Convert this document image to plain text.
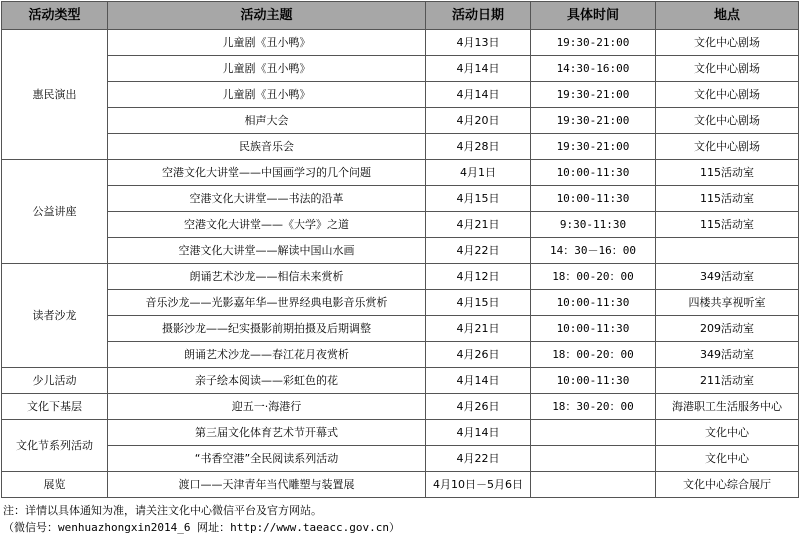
活动类型	活动主题	活动日期	具体时间	地点
惠民演出	儿童剧《丑小鸭》	4月13日	19:30-21:00	文化中心剧场
	儿童剧《丑小鸭》	4月14日	14:30-16:00	文化中心剧场
	儿童剧《丑小鸭》	4月14日	19:30-21:00	文化中心剧场
	相声大会	4月20日	19:30-21:00	文化中心剧场
	民族音乐会	4月28日	19:30-21:00	文化中心剧场
公益讲座	空港文化大讲堂——中国画学习的几个问题	4月1日	10:00-11:30	115活动室
	空港文化大讲堂——书法的沿革	4月15日	10:00-11:30	115活动室
	空港文化大讲堂——《大学》之道	4月21日	9:30-11:30	115活动室
	空港文化大讲堂——解读中国山水画	4月22日	14：30－16：00	
读者沙龙	朗诵艺术沙龙——相信未来赏析	4月12日	18：00-20：00	349活动室
	音乐沙龙——光影嘉年华—世界经典电影音乐赏析	4月15日	10:00-11:30	四楼共享视听室
	摄影沙龙——纪实摄影前期拍摄及后期调整	4月21日	10:00-11:30	209活动室
	朗诵艺术沙龙——春江花月夜赏析	4月26日	18：00-20：00	349活动室
少儿活动	亲子绘本阅读——彩虹色的花	4月14日	10:00-11:30	211活动室
文化下基层	迎五一·海港行	4月26日	18：30-20：00	海港职工生活服务中心
文化节系列活动	第三届文化体育艺术节开幕式	4月14日		文化中心
	“书香空港”全民阅读系列活动	4月22日		文化中心
展览	渡口——天津青年当代雕塑与装置展	4月10日－5月6日		文化中心综合展厅
注：详情以具体通知为准，请关注文化中心微信平台及官方网站。
（微信号：wenhuazhongxin2014_6 网址：http://www.taeacc.gov.cn）
